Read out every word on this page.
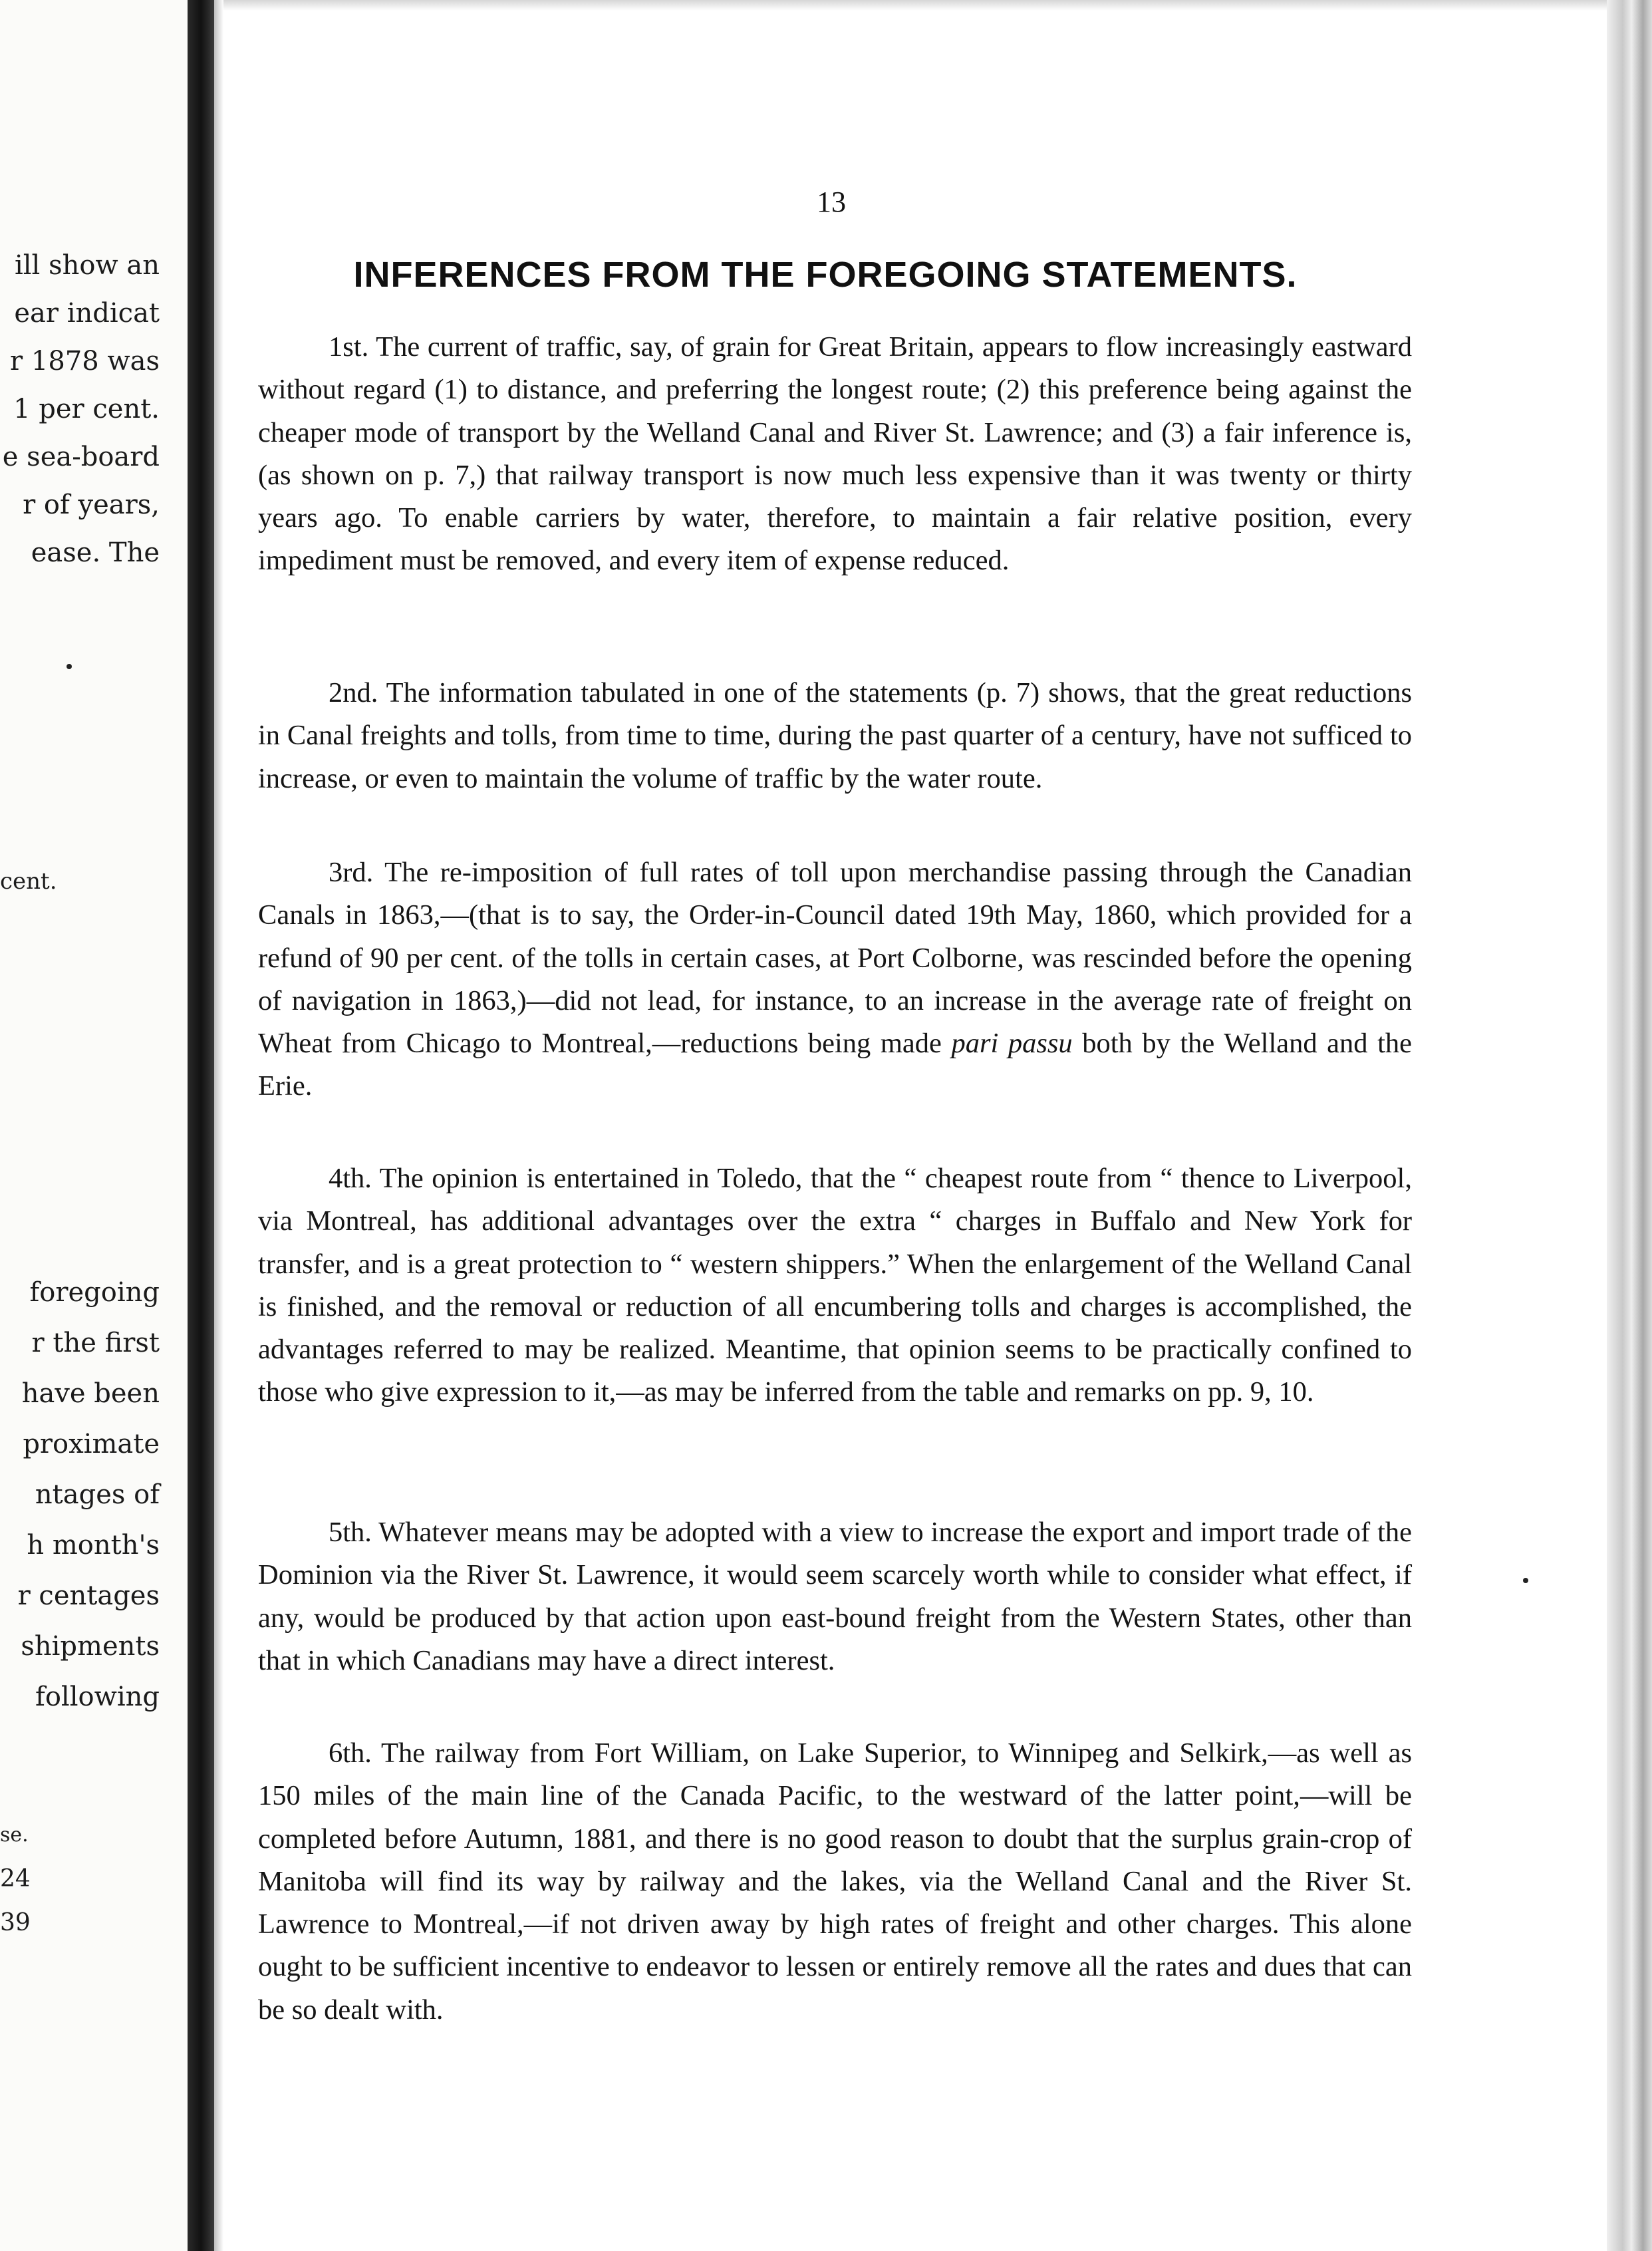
ill show an
ear indicat
r 1878 was
1 per cent.
e sea-board
r of years,
ease. The
cent.
foregoing
r the first
have been
proximate
ntages of
h month's
r centages
shipments
following
se.
24
39
13
INFERENCES FROM THE FOREGOING STATEMENTS.

1st. The current of traffic, say, of grain for Great Britain, appears to flow increasingly eastward without regard (1) to distance, and preferring the longest route; (2) this preference being against the cheaper mode of transport by the Welland Canal and River St. Lawrence; and (3) a fair inference is, (as shown on p. 7,) that railway transport is now much less expensive than it was twenty or thirty years ago. To enable carriers by water, therefore, to maintain a fair relative position, every impediment must be removed, and every item of expense reduced.

2nd. The information tabulated in one of the statements (p. 7) shows, that the great reductions in Canal freights and tolls, from time to time, during the past quarter of a century, have not sufficed to increase, or even to maintain the volume of traffic by the water route.

3rd. The re-imposition of full rates of toll upon merchandise passing through the Canadian Canals in 1863,—(that is to say, the Order-in-Council dated 19th May, 1860, which provided for a refund of 90 per cent. of the tolls in certain cases, at Port Colborne, was rescinded before the opening of navigation in 1863,)—did not lead, for instance, to an increase in the average rate of freight on Wheat from Chicago to Montreal,—reductions being made pari passu both by the Welland and the Erie.

4th. The opinion is entertained in Toledo, that the “ cheapest route from “ thence to Liverpool, via Montreal, has additional advantages over the extra “ charges in Buffalo and New York for transfer, and is a great protection to “ western shippers.” When the enlargement of the Welland Canal is finished, and the removal or reduction of all encumbering tolls and charges is accomplished, the advantages referred to may be realized. Meantime, that opinion seems to be practically confined to those who give expression to it,—as may be inferred from the table and remarks on pp. 9, 10.

5th. Whatever means may be adopted with a view to increase the export and import trade of the Dominion via the River St. Lawrence, it would seem scarcely worth while to consider what effect, if any, would be produced by that action upon east-bound freight from the Western States, other than that in which Canadians may have a direct interest.

6th. The railway from Fort William, on Lake Superior, to Winnipeg and Selkirk,—as well as 150 miles of the main line of the Canada Pacific, to the westward of the latter point,—will be completed before Autumn, 1881, and there is no good reason to doubt that the surplus grain-crop of Manitoba will find its way by railway and the lakes, via the Welland Canal and the River St. Lawrence to Montreal,—if not driven away by high rates of freight and other charges. This alone ought to be sufficient incentive to endeavor to lessen or entirely remove all the rates and dues that can be so dealt with.
